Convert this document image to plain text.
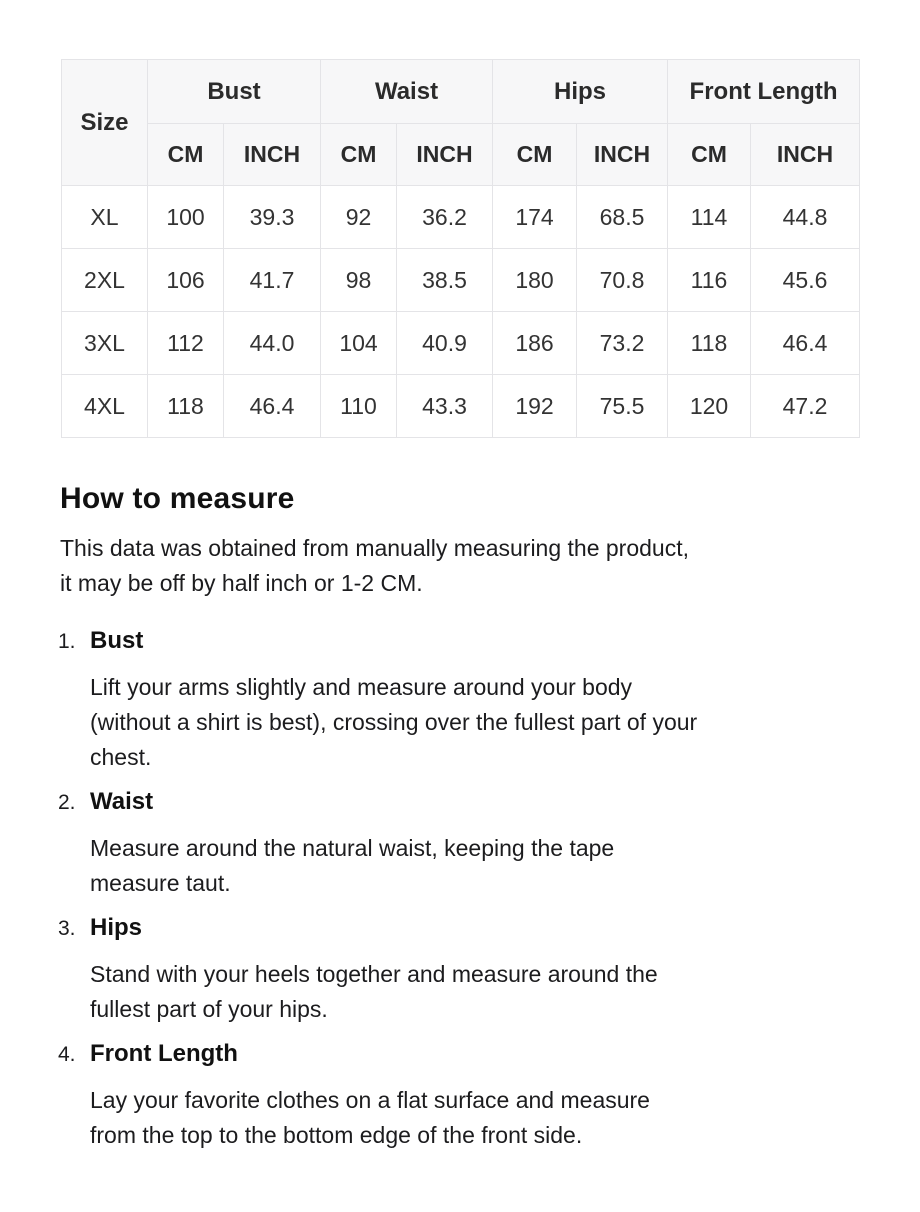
Size	Bust		Waist		Hips		Front Length	
	CM	INCH	CM	INCH	CM	INCH	CM	INCH
XL	100	39.3	92	36.2	174	68.5	114	44.8
2XL	106	41.7	98	38.5	180	70.8	116	45.6
3XL	112	44.0	104	40.9	186	73.2	118	46.4
4XL	118	46.4	110	43.3	192	75.5	120	47.2
How to measure

This data was obtained from manually measuring the product,
it may be off by half inch or 1-2 CM.

1. Bust
Lift your arms slightly and measure around your body
(without a shirt is best), crossing over the fullest part of your
chest.
2. Waist
Measure around the natural waist, keeping the tape
measure taut.
3. Hips
Stand with your heels together and measure around the
fullest part of your hips.
4. Front Length
Lay your favorite clothes on a flat surface and measure
from the top to the bottom edge of the front side.
